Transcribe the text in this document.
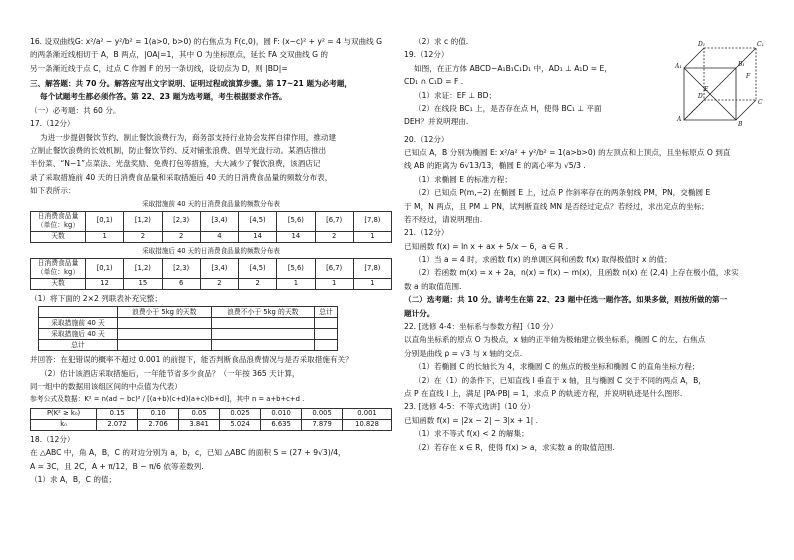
16. 设双曲线G: x²/a² − y²/b² = 1(a>0, b>0) 的右焦点为 F(c,0)，圆 F: (x−c)² + y² = 4 与双曲线 G

的两条渐近线相切于 A，B 两点，|OA|=1，其中 O 为坐标原点，延长 FA 交双曲线 G 的

另一条渐近线于点 C，过点 C 作圆 F 的另一条切线，设切点为 D，则 |BD|=

三、解答题：共 70 分。解答应写出文字说明、证明过程或演算步骤。第 17~21 题为必考题，

每个试题考生都必须作答。第 22、23 题为选考题，考生根据要求作答。

（一）必考题：共 60 分。

17.（12分）

为进一步提倡餐饮节约、制止餐饮浪费行为，商务部支持行业协会发挥自律作用，推动建

立制止餐饮浪费的长效机制，防止餐饮节约、反对铺张浪费、倡导光盘行动。某酒店推出

半份菜、“N−1”点菜法、光盘奖励、免费打包等措施，大大减少了餐饮浪费，该酒店记

录了采取措施前 40 天的日消费食品量和采取措施后 40 天的日消费食品量的频数分布表，

如下表所示：

采取措施前 40 天的日消费食品量的频数分布表
日消费食品量（单位：kg）	[0,1)	[1,2)	[2,3)	[3,4)	[4,5)	[5,6)	[6,7)	[7,8)
天数	1	2	2	4	14	14	2	1
采取措施后 40 天的日消费食品量的频数分布表
日消费食品量（单位：kg）	[0,1)	[1,2)	[2,3)	[3,4)	[4,5)	[5,6)	[6,7)	[7,8)
天数	12	15	6	2	2	1	1	1

（1）将下面的 2×2 列联表补充完整；

	浪费小于 5kg 的天数	浪费不小于 5kg 的天数	总计
采取措施前 40 天			
采取措施后 40 天			
总计			

并回答：在犯错误的概率不超过 0.001 的前提下，能否判断食品浪费情况与是否采取措施有关？

（2）估计该酒店采取措施后，一年能节省多少食品？（一年按 365 天计算，

同一组中的数据用该组区间的中点值为代表）

参考公式及数据：K² = n(ad − bc)² / [(a+b)(c+d)(a+c)(b+d)]，其中 n = a+b+c+d .

P(K² ≥ k₀)	0.15	0.10	0.05	0.025	0.010	0.005	0.001
k₀	2.072	2.706	3.841	5.024	6.635	7.879	10.828

18.（12分）

在 △ABC 中，角 A，B，C 的对边分别为 a，b，c，已知 △ABC 的面积 S = (27 + 9√3)/4，

A = 3C，且 2C，A + π/12，B − π/6 依等差数列.

（1）求 A，B，C 的值；

A
B
C
D
A₁	B₁
C₁
D₁
E
F

（2）求 c 的值.

19.（12分）

如图，在正方体 ABCD−A₁B₁C₁D₁ 中，AD₁ ⊥ A₁D = E，

CD₁ ∩ C₁D = F .

（1）求证：EF ⊥ BD；

（2）在线段 BC₁ 上，是否存在点 H，使得 BC₁ ⊥ 平面

DEH？并说明理由.

20.（12分）

已知点 A，B 分别为椭圆 E: x²/a² + y²/b² = 1(a>b>0) 的左顶点和上顶点，且坐标原点 O 到直

线 AB 的距离为 6√13/13，椭圆 E 的离心率为 √5/3 .

（1）求椭圆 E 的标准方程；

（2）已知点 P(m,−2) 在椭圆 E 上，过点 P 作斜率存在的两条射线 PM，PN，交椭圆 E

于 M，N 两点，且 PM ⊥ PN，试判断直线 MN 是否经过定点？若经过，求出定点的坐标；

若不经过，请说明理由.

21.（12分）

已知函数 f(x) = ln x + ax + 5/x − 6，a ∈ R .

（1）当 a = 4 时，求函数 f(x) 的单调区间和函数 f(x) 取得极值时 x 的值；

（2）若函数 m(x) = x + 2a，n(x) = f(x) − m(x)，且函数 n(x) 在 (2,4) 上存在极小值，求实

数 a 的取值范围.

（二）选考题：共 10 分。请考生在第 22、23 题中任选一题作答。如果多做，则按所做的第一

题计分。

22. [选修 4-4：坐标系与参数方程]（10 分）

以直角坐标系的原点 O 为极点，x 轴的正半轴为极轴建立极坐标系，椭圆 C 的左、右焦点

分别是曲线 ρ = √3 与 x 轴的交点.

（1）若椭圆 C 的长轴长为 4，求椭圆 C 的焦点的极坐标和椭圆 C 的直角坐标方程；

（2）在（1）的条件下，已知直线 l 垂直于 x 轴，且与椭圆 C 交于不同的两点 A，B，

点 P 在直线 l 上，满足 |PA·PB| = 1，求点 P 的轨迹方程，并说明轨迹是什么图形.

23. [选修 4-5：不等式选讲]（10 分）

已知函数 f(x) = |2x − 2| − 3|x + 1| .

（1）求不等式 f(x) < 2 的解集；

（2）若存在 x ∈ R，使得 f(x) > a，求实数 a 的取值范围.
